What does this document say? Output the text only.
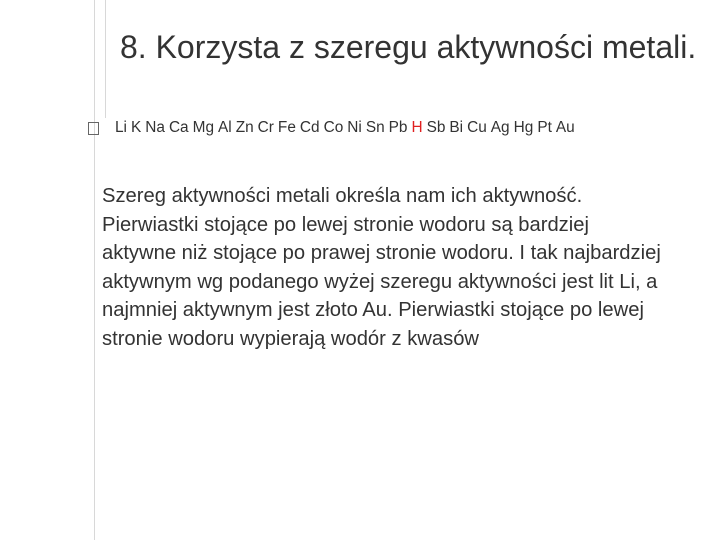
8. Korzysta z szeregu aktywności metali.
Li K Na Ca Mg Al Zn Cr Fe Cd Co Ni Sn Pb H Sb Bi Cu Ag Hg Pt Au

Szereg aktywności metali określa nam ich aktywność. Pierwiastki stojące po lewej stronie wodoru są bardziej aktywne niż stojące po prawej stronie wodoru. I tak najbardziej aktywnym wg podanego wyżej szeregu aktywności jest lit Li, a najmniej aktywnym jest złoto Au. Pierwiastki stojące po lewej stronie wodoru wypierają wodór z kwasów
